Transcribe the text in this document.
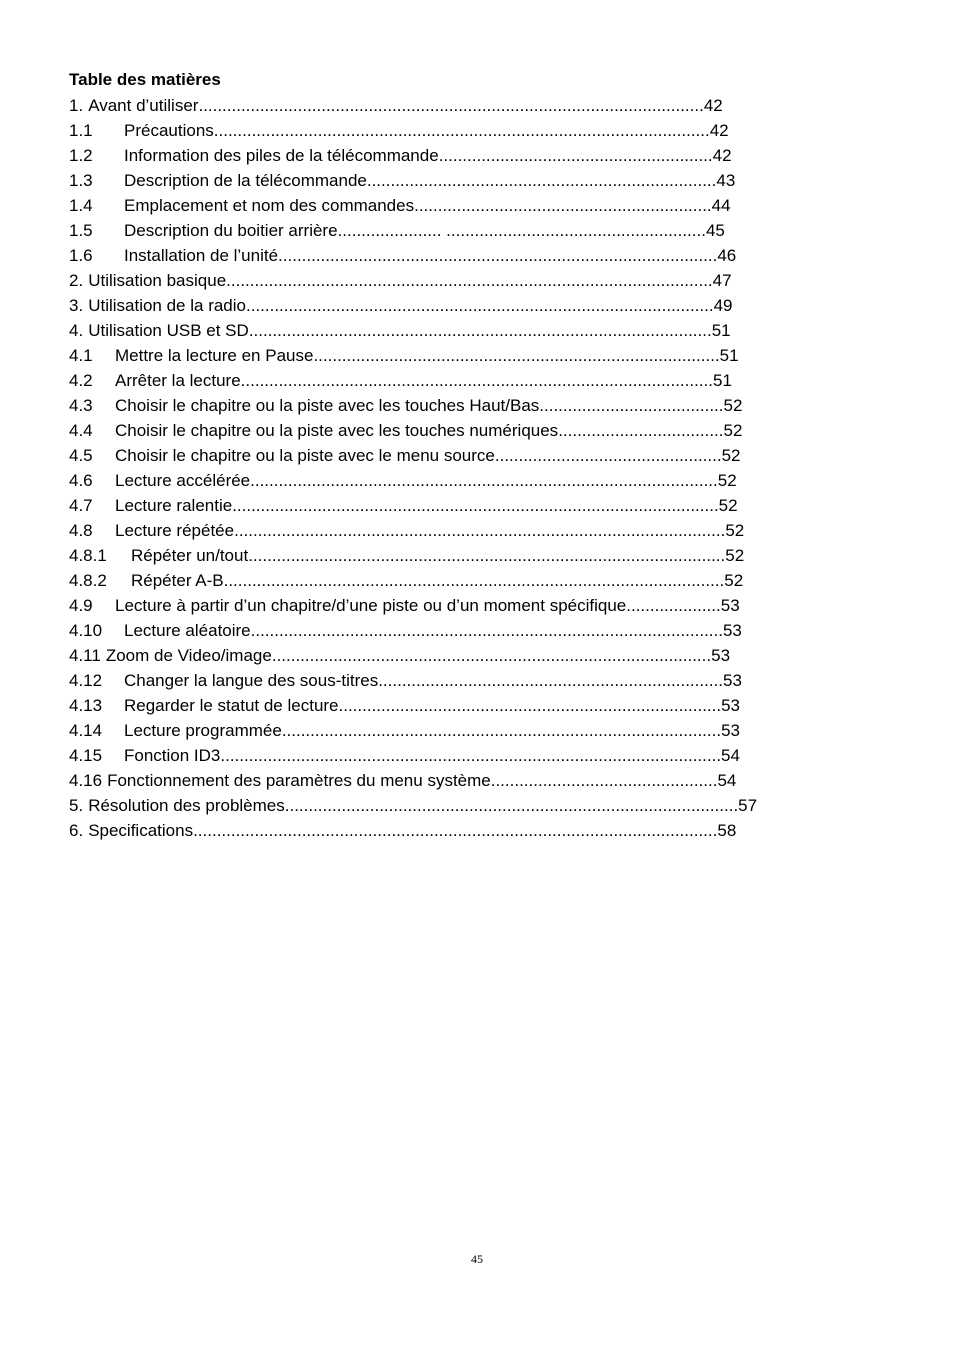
Table des matières
1. Avant d’utiliser...........................................................................................................42
1.1 Précautions.........................................................................................................42
1.2 Information des piles de la télécommande..........................................................42
1.3 Description de la télécommande..........................................................................43
1.4 Emplacement et nom des commandes...............................................................44
1.5 Description du boitier arrière...................... .......................................................45
1.6 Installation de l’unité.............................................................................................46
2. Utilisation basique.......................................................................................................47
3. Utilisation de la radio...................................................................................................49
4. Utilisation USB et SD..................................................................................................51
4.1 Mettre la lecture en Pause......................................................................................51
4.2 Arrêter la lecture....................................................................................................51
4.3 Choisir le chapitre ou la piste avec les touches Haut/Bas.......................................52
4.4 Choisir le chapitre ou la piste avec les touches numériques...................................52
4.5 Choisir le chapitre ou la piste avec le menu source................................................52
4.6 Lecture accélérée...................................................................................................52
4.7 Lecture ralentie.......................................................................................................52
4.8 Lecture répétée........................................................................................................52
4.8.1 Répéter un/tout.....................................................................................................52
4.8.2 Répéter A-B..........................................................................................................52
4.9 Lecture à partir d’un chapitre/d’une piste ou d’un moment spécifique....................53
4.10 Lecture aléatoire....................................................................................................53
4.11 Zoom de Video/image.............................................................................................53
4.12 Changer la langue des sous-titres.........................................................................53
4.13 Regarder le statut de lecture.................................................................................53
4.14 Lecture programmée.............................................................................................53
4.15 Fonction ID3..........................................................................................................54
4.16 Fonctionnement des paramètres du menu système................................................54
5. Résolution des problèmes................................................................................................57
6. Specifications...............................................................................................................58
45
